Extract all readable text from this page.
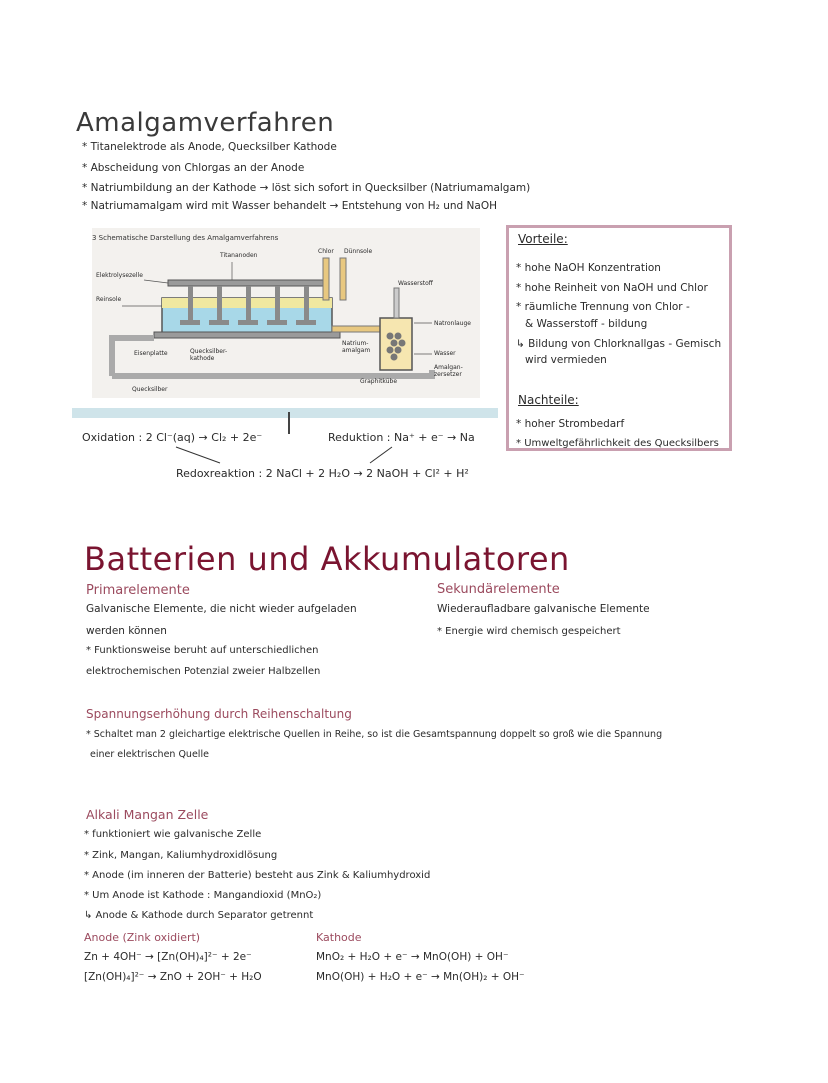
Amalgamverfahren
* Titanelektrode als Anode, Quecksilber Kathode
* Abscheidung von Chlorgas an der Anode
* Natriumbildung an der Kathode → löst sich sofort in Quecksilber (Natriumamalgam)
* Natriumamalgam wird mit Wasser behandelt → Entstehung von H₂ und NaOH
3 Schematische Darstellung des Amalgamverfahrens
Titananoden
Chlor Dünnsole
Elektrolysezelle
Wasserstoff
Reinsole
Natronlauge
Eisenplatte	Quecksilber-kathode
Natrium-amalgam	Wasser
Amalgan-zersetzer
Graphitkübe
Quecksilber
Oxidation : 2 Cl⁻(aq) → Cl₂ + 2e⁻	Reduktion : Na⁺ + e⁻ → Na
Redoxreaktion : 2 NaCl + 2 H₂O → 2 NaOH + Cl² + H²
Vorteile:
* hohe NaOH Konzentration
* hohe Reinheit von NaOH und Chlor
* räumliche Trennung von Chlor -
& Wasserstoff - bildung
↳ Bildung von Chlorknallgas - Gemisch
wird vermieden
Nachteile:
* hoher Strombedarf
* Umweltgefährlichkeit des Quecksilbers
Batterien und Akkumulatoren
Primarelemente
Galvanische Elemente, die nicht wieder aufgeladen
werden können
* Funktionsweise beruht auf unterschiedlichen
elektrochemischen Potenzial zweier Halbzellen
Sekundärelemente
Wiederaufladbare galvanische Elemente
* Energie wird chemisch gespeichert
Spannungserhöhung durch Reihenschaltung
* Schaltet man 2 gleichartige elektrische Quellen in Reihe, so ist die Gesamtspannung doppelt so groß wie die Spannung
einer elektrischen Quelle
Alkali Mangan Zelle
* funktioniert wie galvanische Zelle
* Zink, Mangan, Kaliumhydroxidlösung
* Anode (im inneren der Batterie) besteht aus Zink & Kaliumhydroxid
* Um Anode ist Kathode : Mangandioxid (MnO₂)
↳ Anode & Kathode durch Separator getrennt
Anode (Zink oxidiert)
Zn + 4OH⁻ → [Zn(OH)₄]²⁻ + 2e⁻
[Zn(OH)₄]²⁻ → ZnO + 2OH⁻ + H₂O
Kathode
MnO₂ + H₂O + e⁻ → MnO(OH) + OH⁻
MnO(OH) + H₂O + e⁻ → Mn(OH)₂ + OH⁻
